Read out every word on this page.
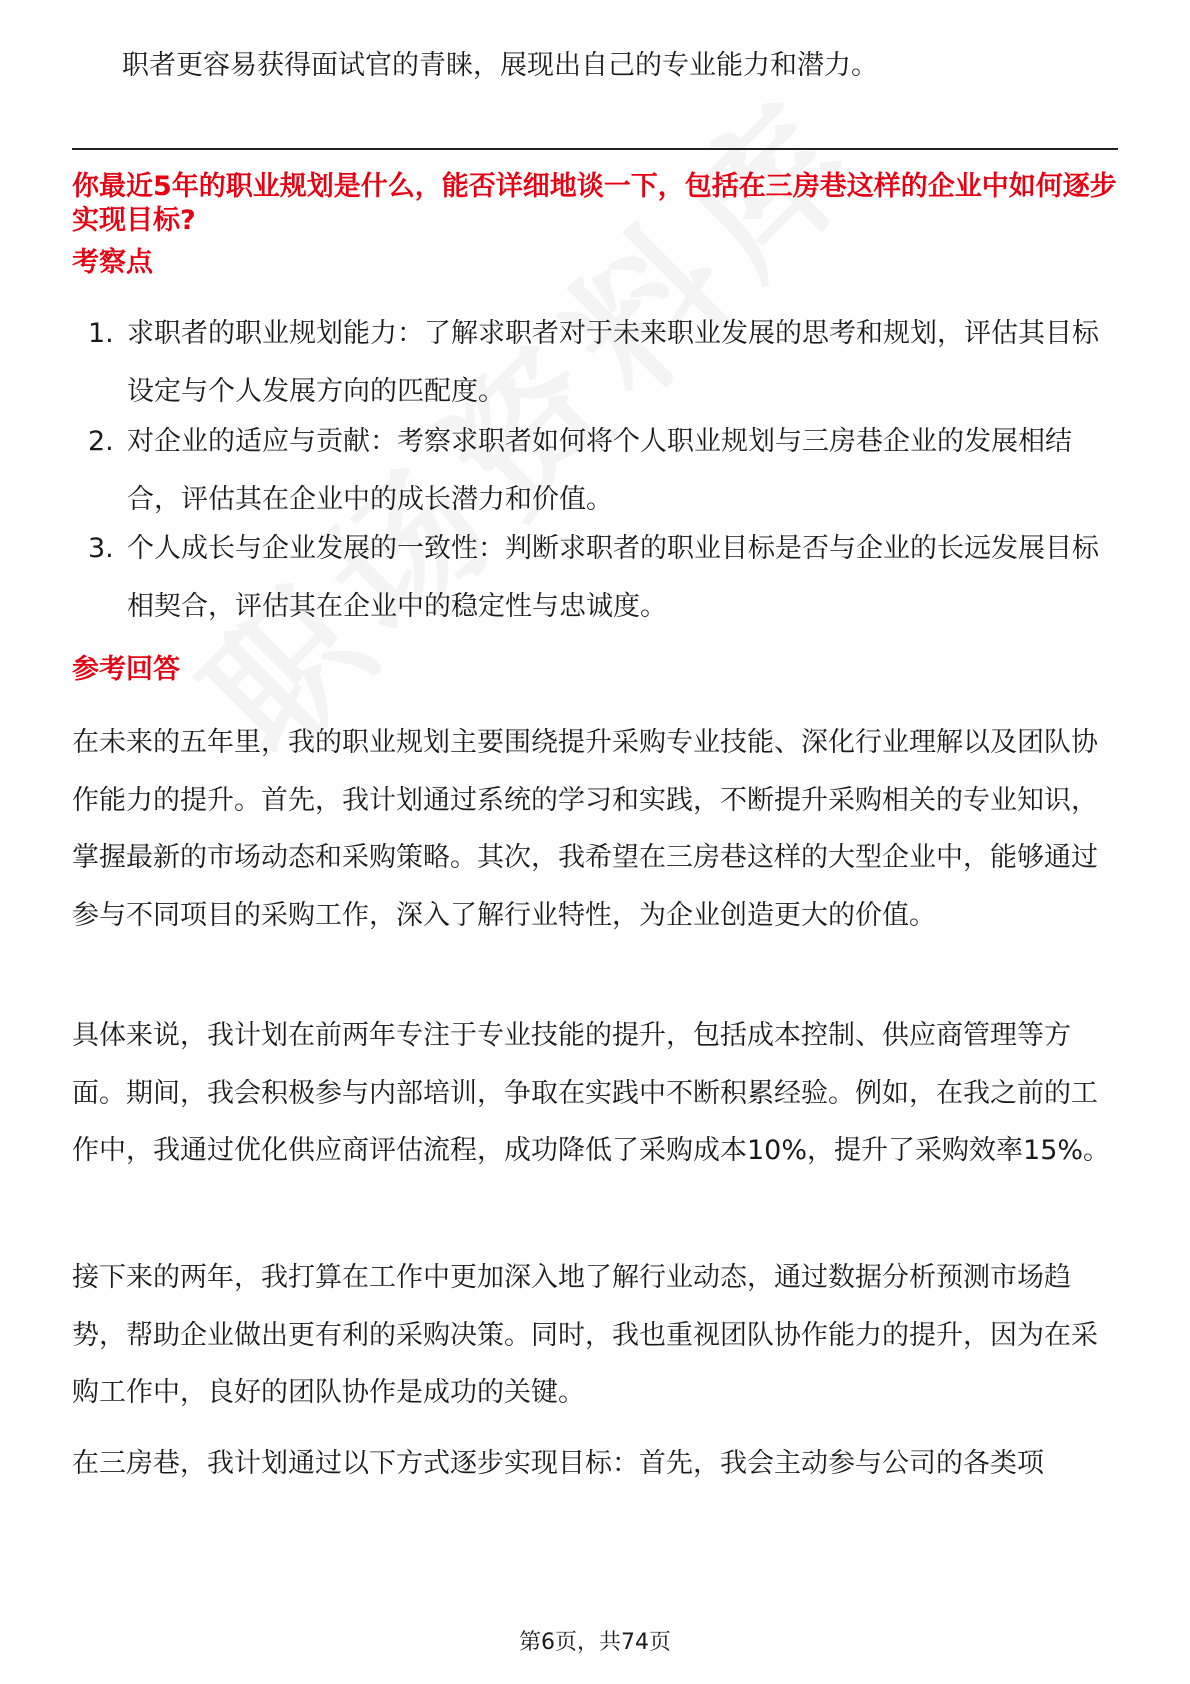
职者更容易获得面试官的青睐，展现出自己的专业能力和潜力。
你最近5年的职业规划是什么，能否详细地谈一下，包括在三房巷这样的企业中如何逐步实现目标?
考察点
1. 求职者的职业规划能力：了解求职者对于未来职业发展的思考和规划，评估其目标设定与个人发展方向的匹配度。
2. 对企业的适应与贡献：考察求职者如何将个人职业规划与三房巷企业的发展相结合，评估其在企业中的成长潜力和价值。
3. 个人成长与企业发展的一致性：判断求职者的职业目标是否与企业的长远发展目标相契合，评估其在企业中的稳定性与忠诚度。
参考回答
在未来的五年里，我的职业规划主要围绕提升采购专业技能、深化行业理解以及团队协作能力的提升。首先，我计划通过系统的学习和实践，不断提升采购相关的专业知识，掌握最新的市场动态和采购策略。其次，我希望在三房巷这样的大型企业中，能够通过参与不同项目的采购工作，深入了解行业特性，为企业创造更大的价值。
具体来说，我计划在前两年专注于专业技能的提升，包括成本控制、供应商管理等方面。期间，我会积极参与内部培训，争取在实践中不断积累经验。例如，在我之前的工作中，我通过优化供应商评估流程，成功降低了采购成本10%，提升了采购效率15%。
接下来的两年，我打算在工作中更加深入地了解行业动态，通过数据分析预测市场趋势，帮助企业做出更有利的采购决策。同时，我也重视团队协作能力的提升，因为在采购工作中，良好的团队协作是成功的关键。
在三房巷，我计划通过以下方式逐步实现目标：首先，我会主动参与公司的各类项
第6页，共74页
